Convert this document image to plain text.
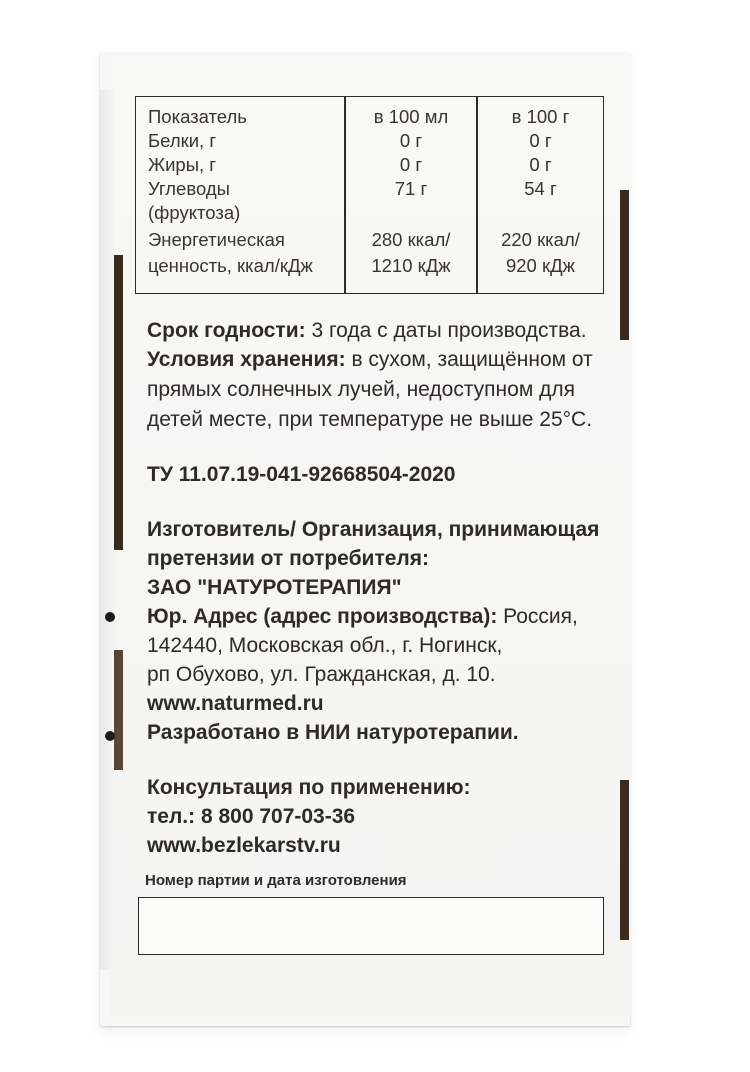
Показатель	в 100 мл	в 100 г
Белки, г	0 г	0 г
Жиры, г	0 г	0 г
Углеводы	71 г	54 г
(фруктоза)
Энергетическая	280 ккал/	220 ккал/
ценность, ккал/кДж	1210 кДж	920 кДж
Срок годности: 3 года с даты производства.
Условия хранения: в сухом, защищённом от
прямых солнечных лучей, недоступном для
детей месте, при температуре не выше 25°С.
ТУ 11.07.19-041-92668504-2020
Изготовитель/ Организация, принимающая
претензии от потребителя:
ЗАО "НАТУРОТЕРАПИЯ"
Юр. Адрес (адрес производства): Россия,
142440, Московская обл., г. Ногинск,
рп Обухово, ул. Гражданская, д. 10.
www.naturmed.ru
Разработано в НИИ натуротерапии.
Консультация по применению:
тел.: 8 800 707-03-36
www.bezlekarstv.ru
Номер партии и дата изготовления
